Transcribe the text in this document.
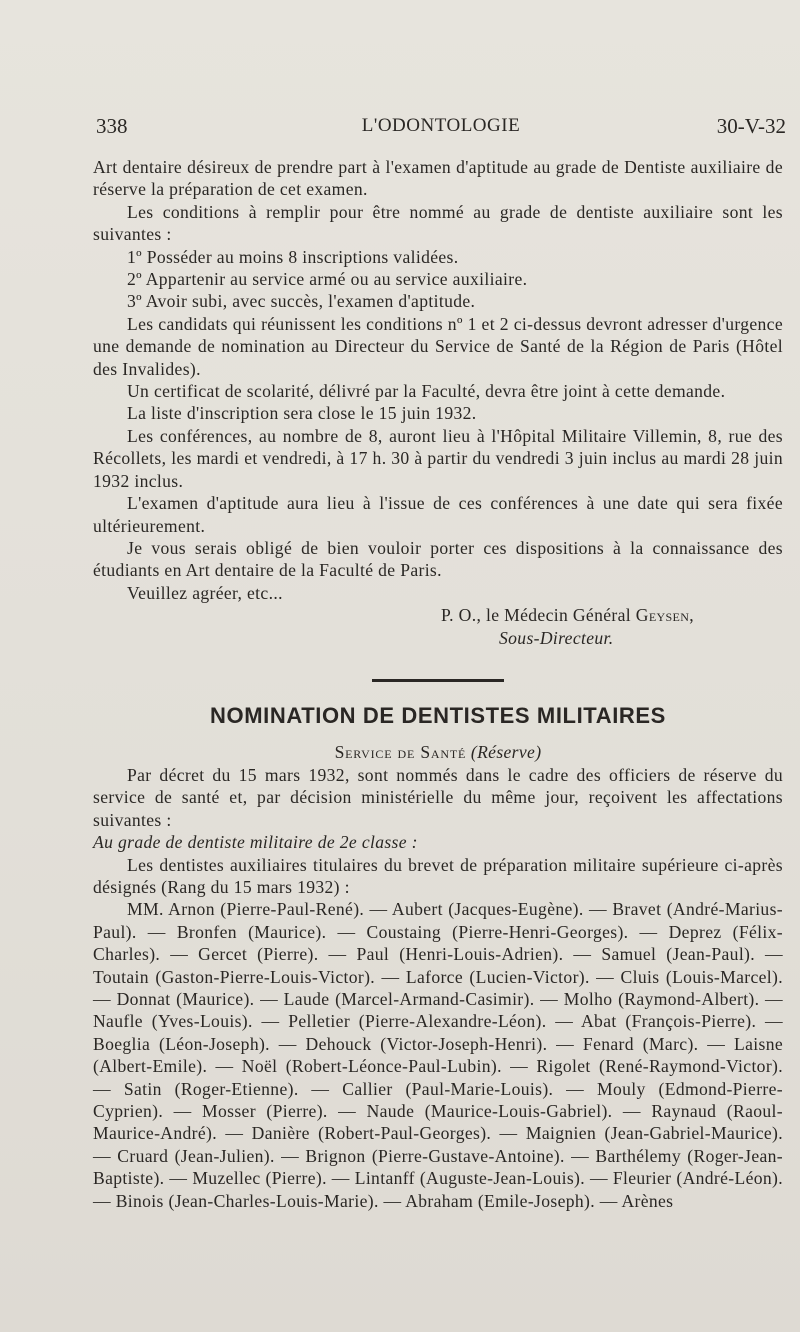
338	L'ODONTOLOGIE	30-V-32

Art dentaire désireux de prendre part à l'examen d'aptitude au grade de Dentiste auxiliaire de réserve la préparation de cet examen.

Les conditions à remplir pour être nommé au grade de dentiste auxiliaire sont les suivantes :

1º Posséder au moins 8 inscriptions validées.

2º Appartenir au service armé ou au service auxiliaire.

3º Avoir subi, avec succès, l'examen d'aptitude.

Les candidats qui réunissent les conditions nº 1 et 2 ci-dessus devront adresser d'urgence une demande de nomination au Directeur du Service de Santé de la Région de Paris (Hôtel des Invalides).

Un certificat de scolarité, délivré par la Faculté, devra être joint à cette demande.

La liste d'inscription sera close le 15 juin 1932.

Les conférences, au nombre de 8, auront lieu à l'Hôpital Militaire Villemin, 8, rue des Récollets, les mardi et vendredi, à 17 h. 30 à partir du vendredi 3 juin inclus au mardi 28 juin 1932 inclus.

L'examen d'aptitude aura lieu à l'issue de ces conférences à une date qui sera fixée ultérieurement.

Je vous serais obligé de bien vouloir porter ces dispositions à la connaissance des étudiants en Art dentaire de la Faculté de Paris.

Veuillez agréer, etc...

P. O., le Médecin Général Geysen,

Sous-Directeur.

NOMINATION DE DENTISTES MILITAIRES
Service de Santé (Réserve)

Par décret du 15 mars 1932, sont nommés dans le cadre des officiers de réserve du service de santé et, par décision ministérielle du même jour, reçoivent les affectations suivantes :

Au grade de dentiste militaire de 2e classe :

Les dentistes auxiliaires titulaires du brevet de préparation militaire supérieure ci-après désignés (Rang du 15 mars 1932) :

MM. Arnon (Pierre-Paul-René). — Aubert (Jacques-Eugène). — Bravet (André-Marius-Paul). — Bronfen (Maurice). — Coustaing (Pierre-Henri-Georges). — Deprez (Félix-Charles). — Gercet (Pierre). — Paul (Henri-Louis-Adrien). — Samuel (Jean-Paul). — Toutain (Gaston-Pierre-Louis-Victor). — Laforce (Lucien-Victor). — Cluis (Louis-Marcel). — Donnat (Maurice). — Laude (Marcel-Armand-Casimir). — Molho (Raymond-Albert). — Naufle (Yves-Louis). — Pelletier (Pierre-Alexandre-Léon). — Abat (François-Pierre). — Boeglia (Léon-Joseph). — Dehouck (Victor-Joseph-Henri). — Fenard (Marc). — Laisne (Albert-Emile). — Noël (Robert-Léonce-Paul-Lubin). — Rigolet (René-Raymond-Victor). — Satin (Roger-Etienne). — Callier (Paul-Marie-Louis). — Mouly (Edmond-Pierre-Cyprien). — Mosser (Pierre). — Naude (Maurice-Louis-Gabriel). — Raynaud (Raoul-Maurice-André). — Danière (Robert-Paul-Georges). — Maignien (Jean-Gabriel-Maurice). — Cruard (Jean-Julien). — Brignon (Pierre-Gustave-Antoine). — Barthélemy (Roger-Jean-Baptiste). — Muzellec (Pierre). — Lintanff (Auguste-Jean-Louis). — Fleurier (André-Léon). — Binois (Jean-Charles-Louis-Marie). — Abraham (Emile-Joseph). — Arènes
